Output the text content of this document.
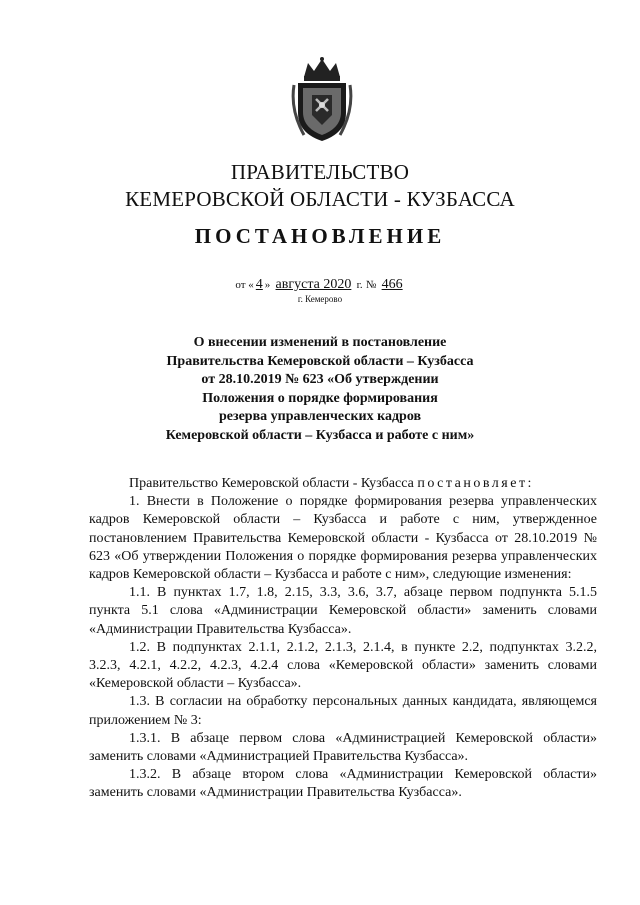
ПРАВИТЕЛЬСТВО
КЕМЕРОВСКОЙ ОБЛАСТИ - КУЗБАССА
ПОСТАНОВЛЕНИЕ
от « 4 » августа 2020 г. № 466
г. Кемерово
О внесении изменений в постановление
Правительства Кемеровской области – Кузбасса
от 28.10.2019 № 623 «Об утверждении
Положения о порядке формирования
резерва управленческих кадров
Кемеровской области – Кузбасса и работе с ним»

Правительство Кемеровской области - Кузбасса постановляет:

1. Внести в Положение о порядке формирования резерва управленческих кадров Кемеровской области – Кузбасса и работе с ним, утвержденное постановлением Правительства Кемеровской области - Кузбасса от 28.10.2019 № 623 «Об утверждении Положения о порядке формирования резерва управленческих кадров Кемеровской области – Кузбасса и работе с ним», следующие изменения:

1.1. В пунктах 1.7, 1.8, 2.15, 3.3, 3.6, 3.7, абзаце первом подпункта 5.1.5 пункта 5.1 слова «Администрации Кемеровской области» заменить словами «Администрации Правительства Кузбасса».

1.2. В подпунктах 2.1.1, 2.1.2, 2.1.3, 2.1.4, в пункте 2.2, подпунктах 3.2.2, 3.2.3, 4.2.1, 4.2.2, 4.2.3, 4.2.4 слова «Кемеровской области» заменить словами «Кемеровской области – Кузбасса».

1.3. В согласии на обработку персональных данных кандидата, являющемся приложением № 3:

1.3.1. В абзаце первом слова «Администрацией Кемеровской области» заменить словами «Администрацией Правительства Кузбасса».

1.3.2. В абзаце втором слова «Администрации Кемеровской области» заменить словами «Администрации Правительства Кузбасса».
